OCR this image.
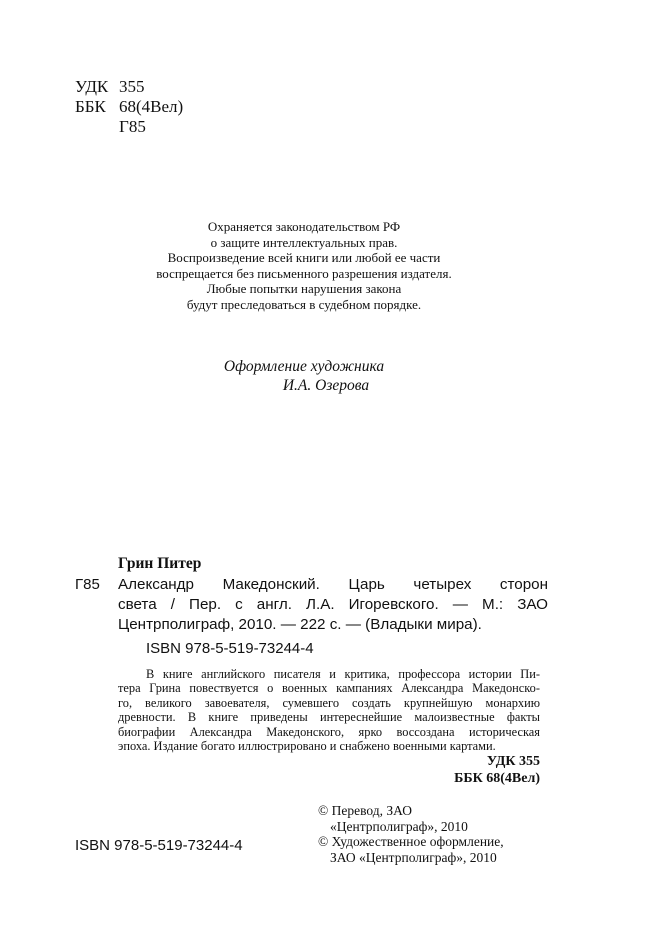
УДК 355
ББК 68(4Вел)
Г85
Охраняется законодательством РФ
о защите интеллектуальных прав.
Воспроизведение всей книги или любой ее части
воспрещается без письменного разрешения издателя.
Любые попытки нарушения закона
будут преследоваться в судебном порядке.
Оформление художника
И.А. Озерова
Грин Питер
Г85 Александр Македонский. Царь четырех сторон
света / Пер. с англ. Л.А. Игоревского. — М.: ЗАО
Центрполиграф, 2010. — 222 с. — (Владыки мира).
ISBN 978-5-519-73244-4
В книге английского писателя и критика, профессора истории Пи-
тера Грина повествуется о военных кампаниях Александра Македонско-
го, великого завоевателя, сумевшего создать крупнейшую монархию
древности. В книге приведены интереснейшие малоизвестные факты
биографии Александра Македонского, ярко воссоздана историческая
эпоха. Издание богато иллюстрировано и снабжено военными картами.
УДК 355
ББК 68(4Вел)
© Перевод, ЗАО
«Центрполиграф», 2010
© Художественное оформление,
ЗАО «Центрполиграф», 2010
ISBN 978-5-519-73244-4
